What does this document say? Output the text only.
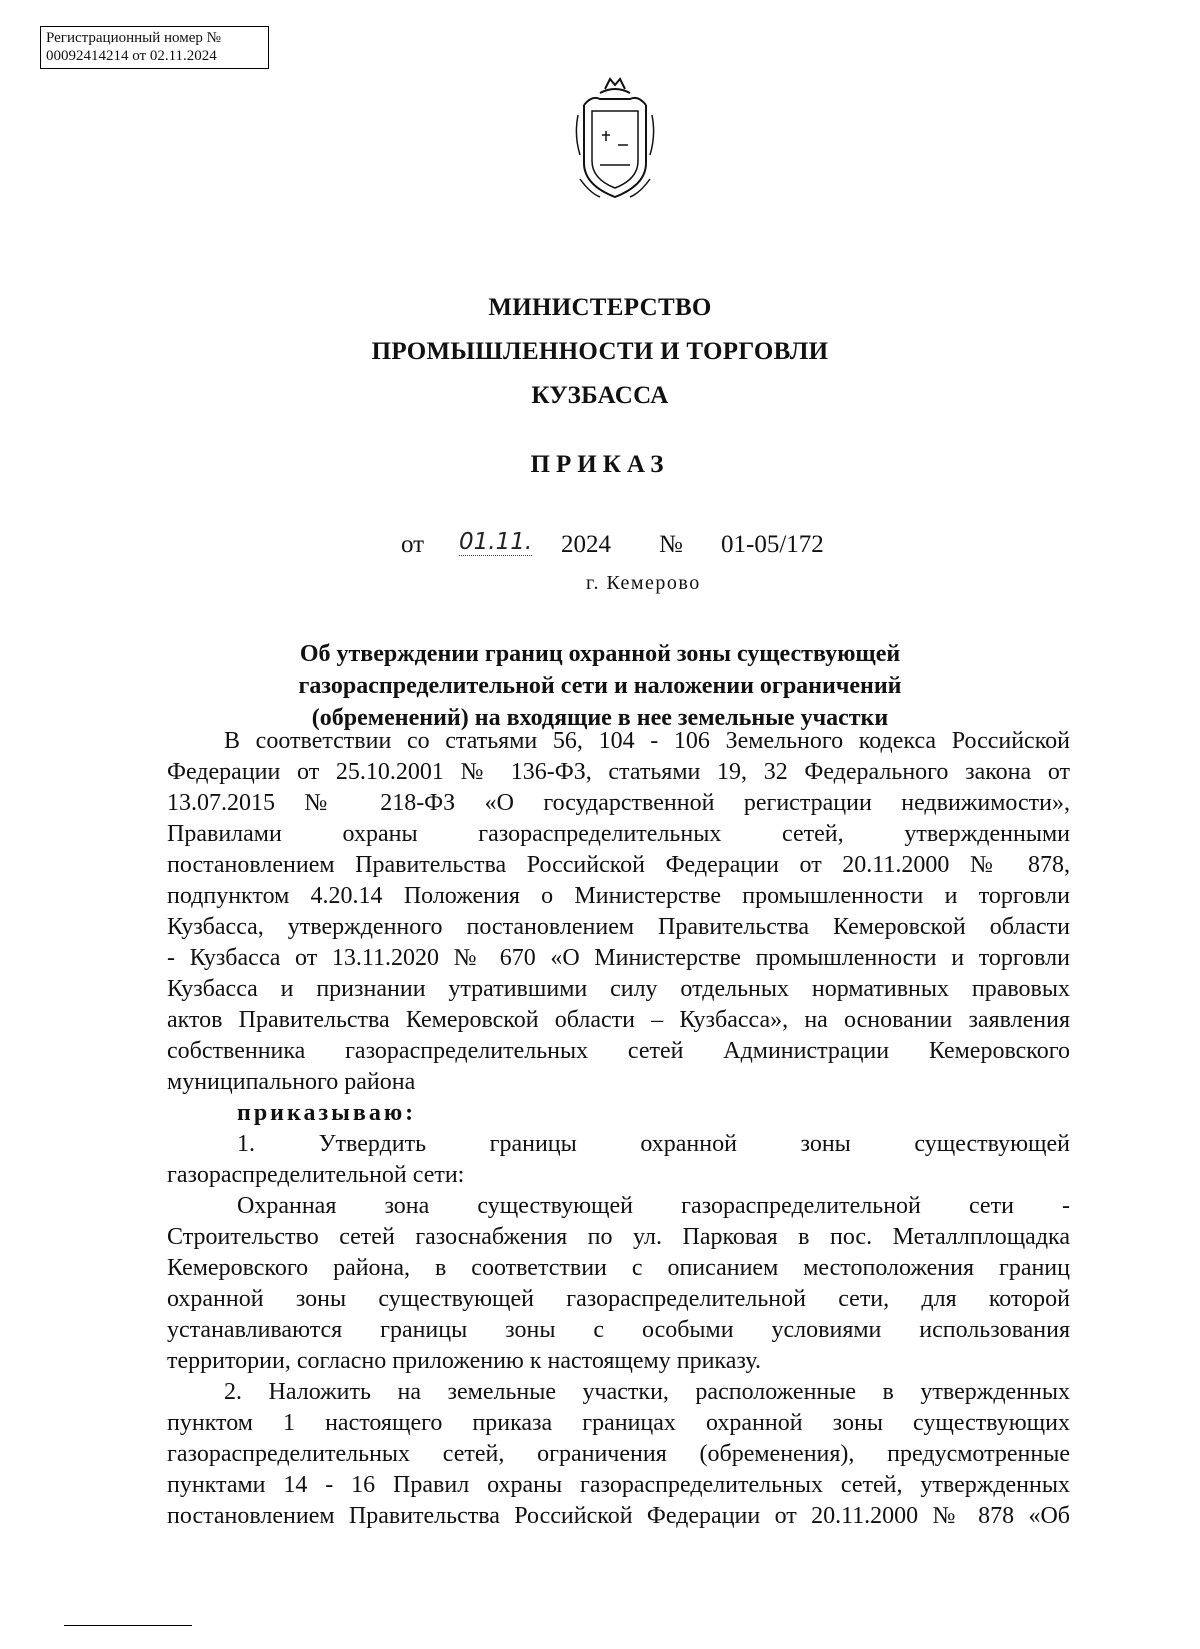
Регистрационный номер №
00092414214 от 02.11.2024
МИНИСТЕРСТВО
ПРОМЫШЛЕННОСТИ И ТОРГОВЛИ
КУЗБАССА
ПРИКАЗ
от 01.11. 2024 № 01-05/172
г. Кемерово
Об утверждении границ охранной зоны существующей
газораспределительной сети и наложении ограничений
(обременений) на входящие в нее земельные участки
В соответствии со статьями 56, 104 - 106 Земельного кодекса Российской
Федерации от 25.10.2001 № 136-ФЗ, статьями 19, 32 Федерального закона от
13.07.2015 № 218-ФЗ «О государственной регистрации недвижимости»,
Правилами охраны газораспределительных сетей, утвержденными
постановлением Правительства Российской Федерации от 20.11.2000 № 878,
подпунктом 4.20.14 Положения о Министерстве промышленности и торговли
Кузбасса, утвержденного постановлением Правительства Кемеровской области
- Кузбасса от 13.11.2020 № 670 «О Министерстве промышленности и торговли
Кузбасса и признании утратившими силу отдельных нормативных правовых
актов Правительства Кемеровской области – Кузбасса», на основании заявления
собственника газораспределительных сетей Администрации Кемеровского
муниципального района
приказываю:
1. Утвердить границы охранной зоны существующей
газораспределительной сети:
Охранная зона существующей газораспределительной сети -
Строительство сетей газоснабжения по ул. Парковая в пос. Металлплощадка
Кемеровского района, в соответствии с описанием местоположения границ
охранной зоны существующей газораспределительной сети, для которой
устанавливаются границы зоны с особыми условиями использования
территории, согласно приложению к настоящему приказу.
2. Наложить на земельные участки, расположенные в утвержденных
пунктом 1 настоящего приказа границах охранной зоны существующих
газораспределительных сетей, ограничения (обременения), предусмотренные
пунктами 14 - 16 Правил охраны газораспределительных сетей, утвержденных
постановлением Правительства Российской Федерации от 20.11.2000 № 878 «Об
